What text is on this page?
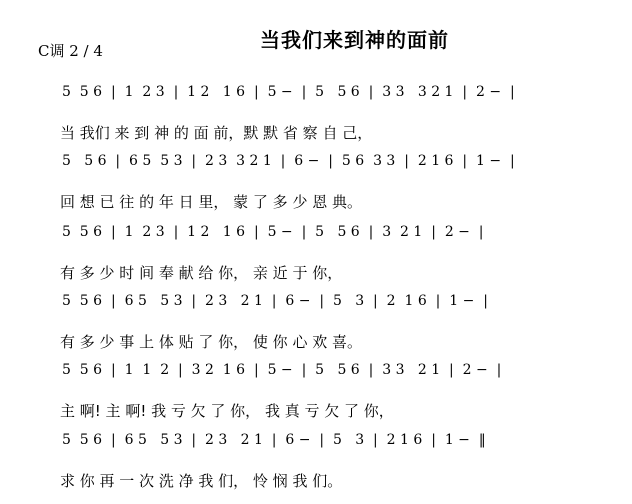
当我们来到神的面前
C调 2 / 4
5  5 6  |  1  2 3  |  1 2   1 6  |  5 −  |  5   5 6  |  3 3   3 2 1  |  2 −  |
当 我们 来 到 神 的 面 前，默 默 省 察 自 己，
5   5 6  |  6 5  5 3  |  2 3  3 2 1  |  6 −  |  5 6  3 3  |  2 1 6  |  1 −  |
回 想 已 往 的 年 日 里， 蒙 了 多 少 恩 典。
5  5 6  |  1  2 3  |  1 2   1 6  |  5 −  |  5   5 6  |  3  2 1  |  2 −  |
有 多 少 时 间 奉 献 给 你， 亲 近 于 你，
5  5 6  |  6 5   5 3  |  2 3   2 1  |  6 −  |  5   3  |  2  1 6  |  1 −  |
有 多 少 事 上 体 贴 了 你， 使 你 心 欢 喜。
5  5 6  |  1  1  2  |  3 2  1 6  |  5 −  |  5   5 6  |  3 3   2 1  |  2 −  |
主 啊! 主 啊! 我 亏 欠 了 你， 我 真 亏 欠 了 你，
5  5 6  |  6 5   5 3  |  2 3   2 1  |  6 −  |  5   3  |  2 1 6  |  1 −  ‖
求 你 再 一 次 洗 净 我 们， 怜 悯 我 们。
